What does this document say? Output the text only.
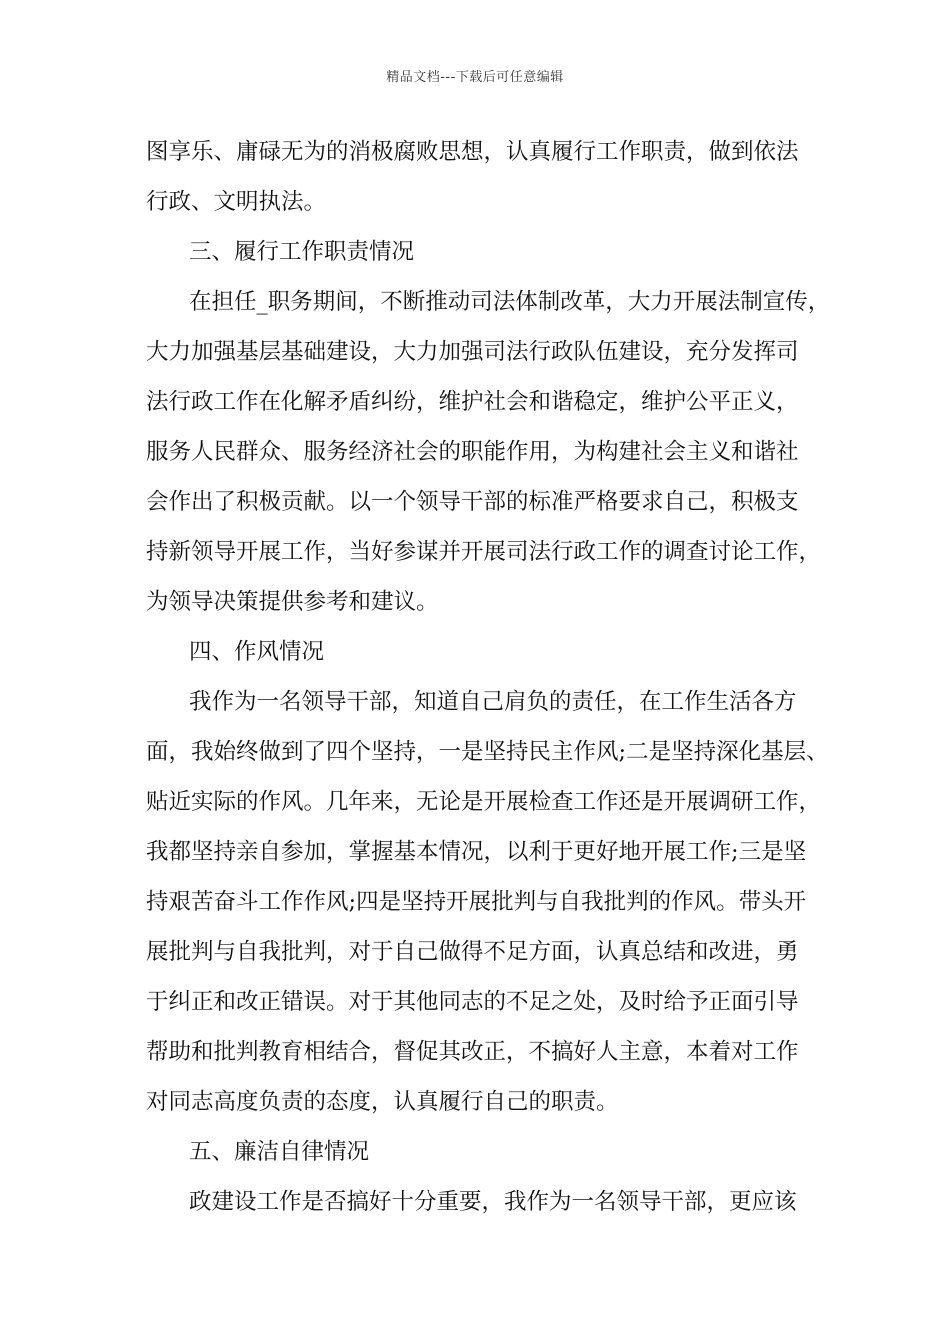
精品文档---下载后可任意编辑
图享乐、庸碌无为的消极腐败思想，认真履行工作职责，做到依法
行政、文明执法。
三、履行工作职责情况
在担任_职务期间，不断推动司法体制改革，大力开展法制宣传，
大力加强基层基础建设，大力加强司法行政队伍建设，充分发挥司
法行政工作在化解矛盾纠纷，维护社会和谐稳定，维护公平正义，
服务人民群众、服务经济社会的职能作用，为构建社会主义和谐社
会作出了积极贡献。以一个领导干部的标准严格要求自己，积极支
持新领导开展工作，当好参谋并开展司法行政工作的调查讨论工作，
为领导决策提供参考和建议。
四、作风情况
我作为一名领导干部，知道自己肩负的责任，在工作生活各方
面，我始终做到了四个坚持，一是坚持民主作风;二是坚持深化基层、
贴近实际的作风。几年来，无论是开展检查工作还是开展调研工作，
我都坚持亲自参加，掌握基本情况，以利于更好地开展工作;三是坚
持艰苦奋斗工作作风;四是坚持开展批判与自我批判的作风。带头开
展批判与自我批判，对于自己做得不足方面，认真总结和改进，勇
于纠正和改正错误。对于其他同志的不足之处，及时给予正面引导
帮助和批判教育相结合，督促其改正，不搞好人主意，本着对工作
对同志高度负责的态度，认真履行自己的职责。
五、廉洁自律情况
政建设工作是否搞好十分重要，我作为一名领导干部，更应该
